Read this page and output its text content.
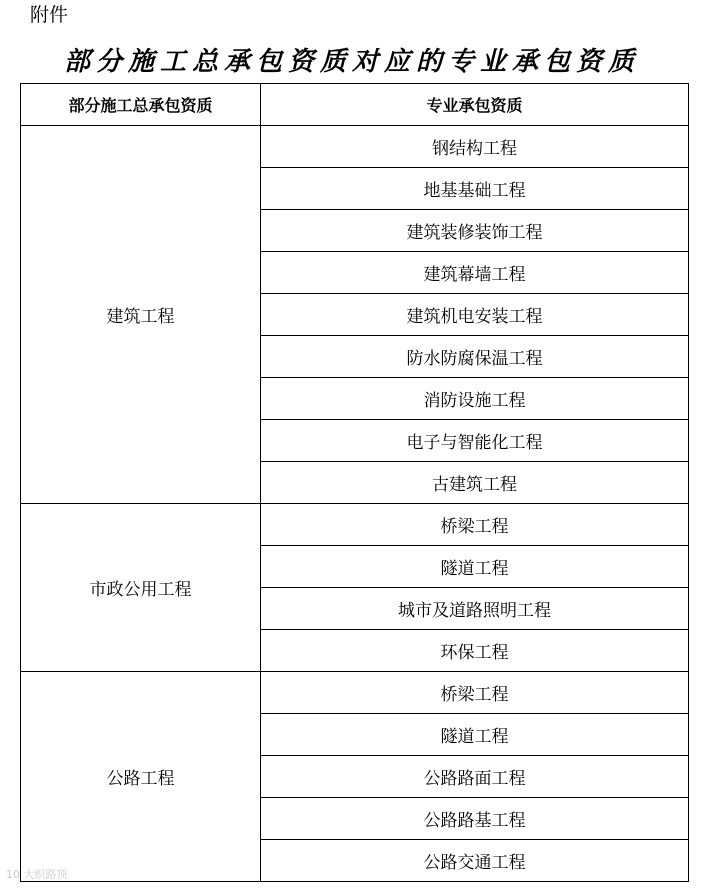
附件
部分施工总承包资质对应的专业承包资质
部分施工总承包资质	专业承包资质
建筑工程	钢结构工程
	地基基础工程
	建筑装修装饰工程
	建筑幕墙工程
	建筑机电安装工程
	防水防腐保温工程
	消防设施工程
	电子与智能化工程
	古建筑工程
市政公用工程	桥梁工程
	隧道工程
	城市及道路照明工程
	环保工程
公路工程	桥梁工程
	隧道工程
	公路路面工程
	公路路基工程
	公路交通工程
10 大织路顶
